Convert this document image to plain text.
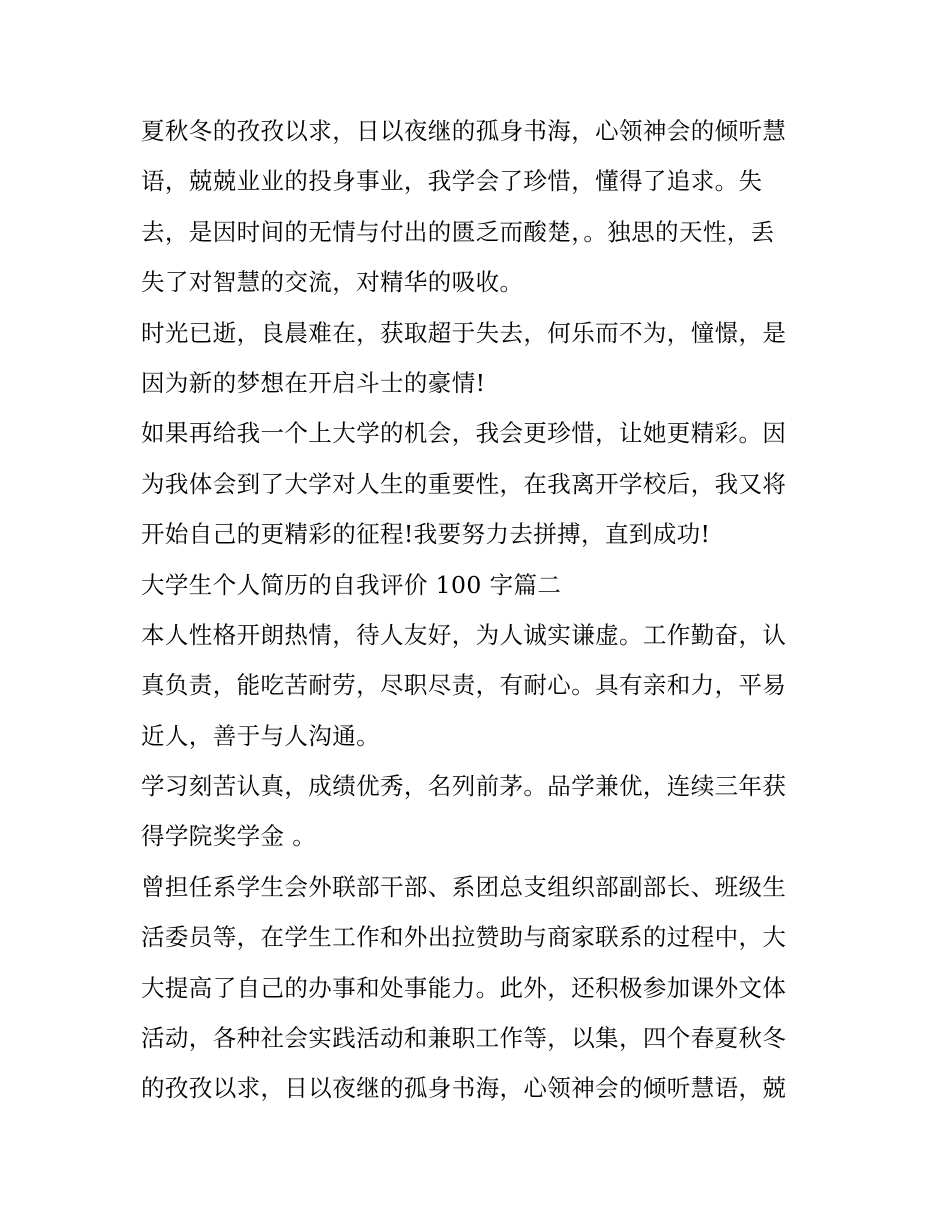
夏秋冬的孜孜以求，日以夜继的孤身书海，心领神会的倾听慧
语，兢兢业业的投身事业，我学会了珍惜，懂得了追求。失
去，是因时间的无情与付出的匮乏而酸楚，。独思的天性，丢
失了对智慧的交流，对精华的吸收。
时光已逝，良晨难在，获取超于失去，何乐而不为，憧憬，是
因为新的梦想在开启斗士的豪情!
如果再给我一个上大学的机会，我会更珍惜，让她更精彩。因
为我体会到了大学对人生的重要性，在我离开学校后，我又将
开始自己的更精彩的征程!我要努力去拼搏，直到成功!
大学生个人简历的自我评价 100 字篇二
本人性格开朗热情，待人友好，为人诚实谦虚。工作勤奋，认
真负责，能吃苦耐劳，尽职尽责，有耐心。具有亲和力，平易
近人，善于与人沟通。
学习刻苦认真，成绩优秀，名列前茅。品学兼优，连续三年获
得学院奖学金 。
曾担任系学生会外联部干部、系团总支组织部副部长、班级生
活委员等，在学生工作和外出拉赞助与商家联系的过程中，大
大提高了自己的办事和处事能力。此外，还积极参加课外文体
活动，各种社会实践活动和兼职工作等，以集，四个春夏秋冬
的孜孜以求，日以夜继的孤身书海，心领神会的倾听慧语，兢
